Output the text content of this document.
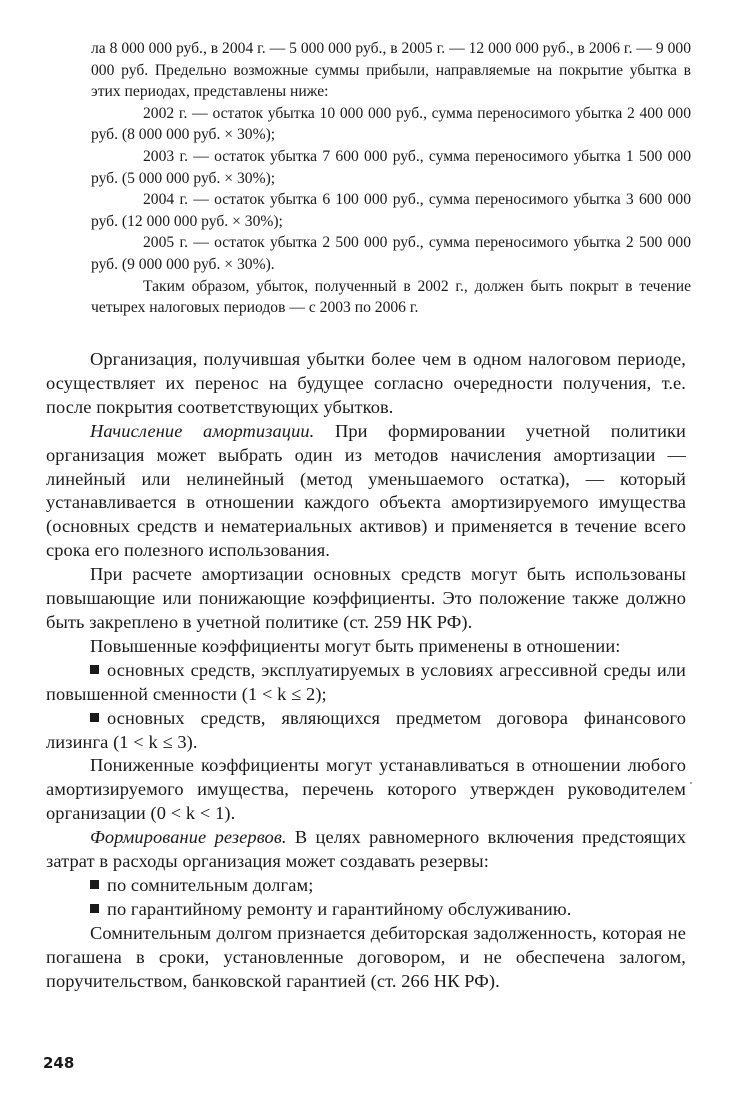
ла 8 000 000 руб., в 2004 г. — 5 000 000 руб., в 2005 г. — 12 000 000 руб., в 2006 г. — 9 000 000 руб. Предельно возможные суммы прибыли, направляемые на покрытие убытка в этих периодах, представлены ниже:

2002 г. — остаток убытка 10 000 000 руб., сумма переносимого убытка 2 400 000 руб. (8 000 000 руб. × 30%);

2003 г. — остаток убытка 7 600 000 руб., сумма переносимого убытка 1 500 000 руб. (5 000 000 руб. × 30%);

2004 г. — остаток убытка 6 100 000 руб., сумма переносимого убытка 3 600 000 руб. (12 000 000 руб. × 30%);

2005 г. — остаток убытка 2 500 000 руб., сумма переносимого убытка 2 500 000 руб. (9 000 000 руб. × 30%).

Таким образом, убыток, полученный в 2002 г., должен быть покрыт в течение четырех налоговых периодов — с 2003 по 2006 г.

Организация, получившая убытки более чем в одном налоговом периоде, осуществляет их перенос на будущее согласно очередности получения, т.е. после покрытия соответствующих убытков.

Начисление амортизации. При формировании учетной политики организация может выбрать один из методов начисления амортизации — линейный или нелинейный (метод уменьшаемого остатка), — который устанавливается в отношении каждого объекта амортизируемого имущества (основных средств и нематериальных активов) и применяется в течение всего срока его полезного использования.

При расчете амортизации основных средств могут быть использованы повышающие или понижающие коэффициенты. Это положение также должно быть закреплено в учетной политике (ст. 259 НК РФ).

Повышенные коэффициенты могут быть применены в отношении:

основных средств, эксплуатируемых в условиях агрессивной среды или повышенной сменности (1 < k ≤ 2);

основных средств, являющихся предметом договора финансового лизинга (1 < k ≤ 3).

Пониженные коэффициенты могут устанавливаться в отношении любого амортизируемого имущества, перечень которого утвержден руководителем организации (0 < k < 1).

Формирование резервов. В целях равномерного включения предстоящих затрат в расходы организация может создавать резервы:

по сомнительным долгам;

по гарантийному ремонту и гарантийному обслуживанию.

Сомнительным долгом признается дебиторская задолженность, которая не погашена в сроки, установленные договором, и не обеспечена залогом, поручительством, банковской гарантией (ст. 266 НК РФ).

248
